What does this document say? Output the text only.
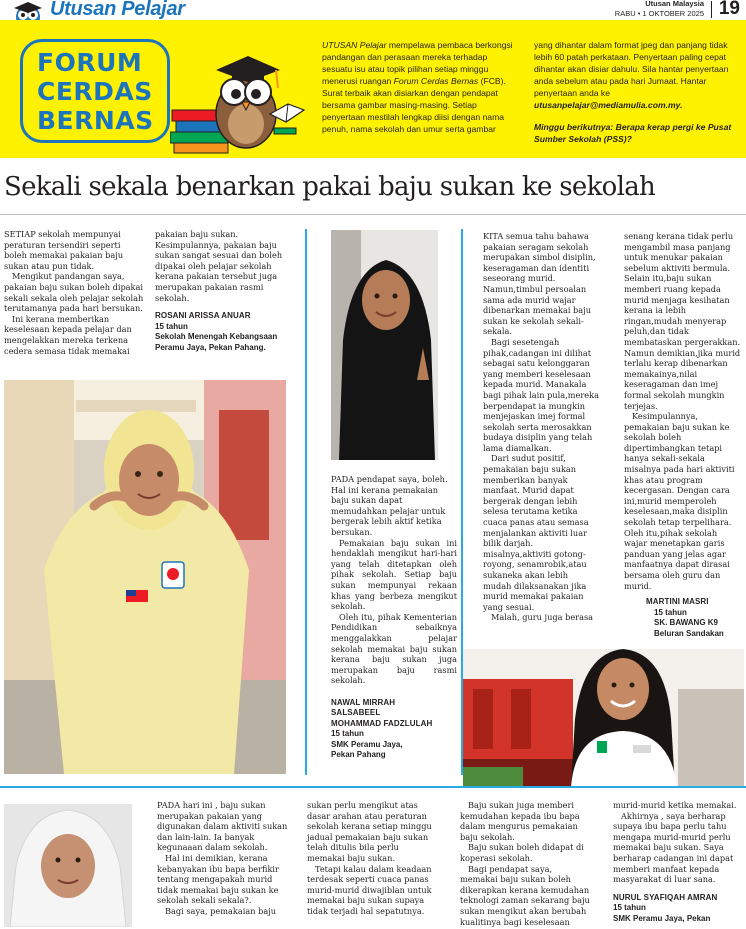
Utusan Pelajar	Utusan Malaysia
RABU • 1 OKTOBER 2025 19
FORUM
CERDAS
BERNAS
UTUSAN Pelajar mempelawa pembaca berkongsi pandangan dan perasaan mereka terhadap sesuatu isu atau topik pilihan setiap minggu menerusi ruangan Forum Cerdas Bernas (FCB). Surat terbaik akan disiarkan dengan pendapat bersama gambar masing-masing. Setiap penyertaan mestilah lengkap diisi dengan nama penuh, nama sekolah dan umur serta gambar
yang dihantar dalam format jpeg dan panjang tidak lebih 60 patah perkataan. Penyertaan paling cepat dihantar akan disiar dahulu. Sila hantar penyertaan anda sebelum atau pada hari Jumaat. Hantar penyertaan anda ke utusanpelajar@mediamulia.com.my.
Minggu berikutnya: Berapa kerap pergi ke Pusat Sumber Sekolah (PSS)?
Sekali sekala benarkan pakai baju sukan ke sekolah

SETIAP sekolah mempunyai peraturan tersendiri seperti boleh memakai pakaian baju sukan atau pun tidak.

Mengikut pandangan saya, pakaian baju sukan boleh dipakai sekali sekala oleh pelajar sekolah terutamanya pada hari bersukan.

Ini kerana memberikan keselesaan kepada pelajar dan mengelakkan mereka terkena cedera semasa tidak memakai

pakaian baju sukan. Kesimpulannya, pakaian baju sukan sangat sesuai dan boleh dipakai oleh pelajar sekolah kerana pakaian tersebut juga merupakan pakaian rasmi sekolah.

ROSANI ARISSA ANUAR
15 tahun
Sekolah Menengah Kebangsaan Peramu Jaya, Pekan Pahang.

PADA pendapat saya, boleh. Hal ini kerana pemakaian baju sukan dapat memudahkan pelajar untuk bergerak lebih aktif ketika bersukan.

Pemakaian baju sukan ini hendaklah mengikut hari-hari yang telah ditetapkan oleh pihak sekolah. Setiap baju sukan mempunyai rekaan khas yang berbeza mengikut sekolah.

Oleh itu, pihak Kementerian Pendidikan sebaiknya menggalakkan pelajar sekolah memakai baju sukan kerana baju sukan juga merupakan baju rasmi sekolah.

NAWAL MIRRAH
SALSABEEL
MOHAMMAD FADZLULAH
15 tahun
SMK Peramu Jaya,
Pekan Pahang

KITA semua tahu bahawa pakaian seragam sekolah merupakan simbol disiplin, keseragaman dan identiti seseorang murid. Namun,timbul persoalan sama ada murid wajar dibenarkan memakai baju sukan ke sekolah sekali-sekala.

Bagi sesetengah pihak,cadangan ini dilihat sebagai satu kelonggaran yang memberi keselesaan kepada murid. Manakala bagi pihak lain pula,mereka berpendapat ia mungkin menjejaskan imej formal sekolah serta merosakkan budaya disiplin yang telah lama diamalkan.

Dari sudut positif, pemakaian baju sukan memberikan banyak manfaat. Murid dapat bergerak dengan lebih selesa terutama ketika cuaca panas atau semasa menjalankan aktiviti luar bilik darjah. misalnya,aktiviti gotong-royong, senamrobik,atau sukaneka akan lebih mudah dilaksanakan jika murid memakai pakaian yang sesuai.

Malah, guru juga berasa

senang kerana tidak perlu mengambil masa panjang untuk menukar pakaian sebelum aktiviti bermula. Selain itu,baju sukan memberi ruang kepada murid menjaga kesihatan kerana ia lebih ringan,mudah menyerap peluh,dan tidak membataskan pergerakkan. Namun demikian,jika murid terlalu kerap dibenarkan memakainya,nilai keseragaman dan imej formal sekolah mungkin terjejas.

Kesimpulannya, pemakaian baju sukan ke sekolah boleh dipertimbangkan tetapi hanya sekali-sekala misalnya pada hari aktiviti khas atau program kecergasan. Dengan cara ini,murid memperoleh keselesaan,maka disiplin sekolah tetap terpelihara. Oleh itu,pihak sekolah wajar menetapkan garis panduan yang jelas agar manfaatnya dapat dirasai bersama oleh guru dan murid.

MARTINI MASRI
15 tahun
SK. BAWANG K9
Beluran Sandakan

PADA hari ini , baju sukan merupakan pakaian yang digunakan dalam aktiviti sukan dan lain-lain. Ia banyak kegunaaan dalam sekolah.

Hal ini demikian, kerana kebanyakan ibu bapa berfikir tentang mengapakah murid tidak memakai baju sukan ke sekolah sekali sekala?.

Bagi saya, pemakaian baju

sukan perlu mengikut atas dasar arahan atau peraturan sekolah kerana setiap minggu jadual pemakaian baju sukan telah ditulis bila perlu memakai baju sukan.

Tetapi kalau dalam keadaan terdesak seperti cuaca panas murid-murid diwajiblan untuk memakai baju sukan supaya tidak terjadi hal sepatutnya.

Baju sukan juga memberi kemudahan kepada ibu bapa dalam mengurus pemakaian baju sekolah.

Baju sukan boleh didapat di koperasi sekolah.

Bagi pendapat saya, memakai baju sukan boleh dikerapkan kerana kemudahan teknologi zaman sekarang baju sukan mengikut akan berubah kualitinya bagi keselesaan

murid-murid ketika memakai.

Akhirnya , saya berharap supaya ibu bapa perlu tahu mengapa murid-murid perlu memakai baju sukan. Saya berharap cadangan ini dapat memberi manfaat kepada masyarakat di luar sana.

NURUL SYAFIQAH AMRAN
15 tahun
SMK Peramu Jaya, Pekan
